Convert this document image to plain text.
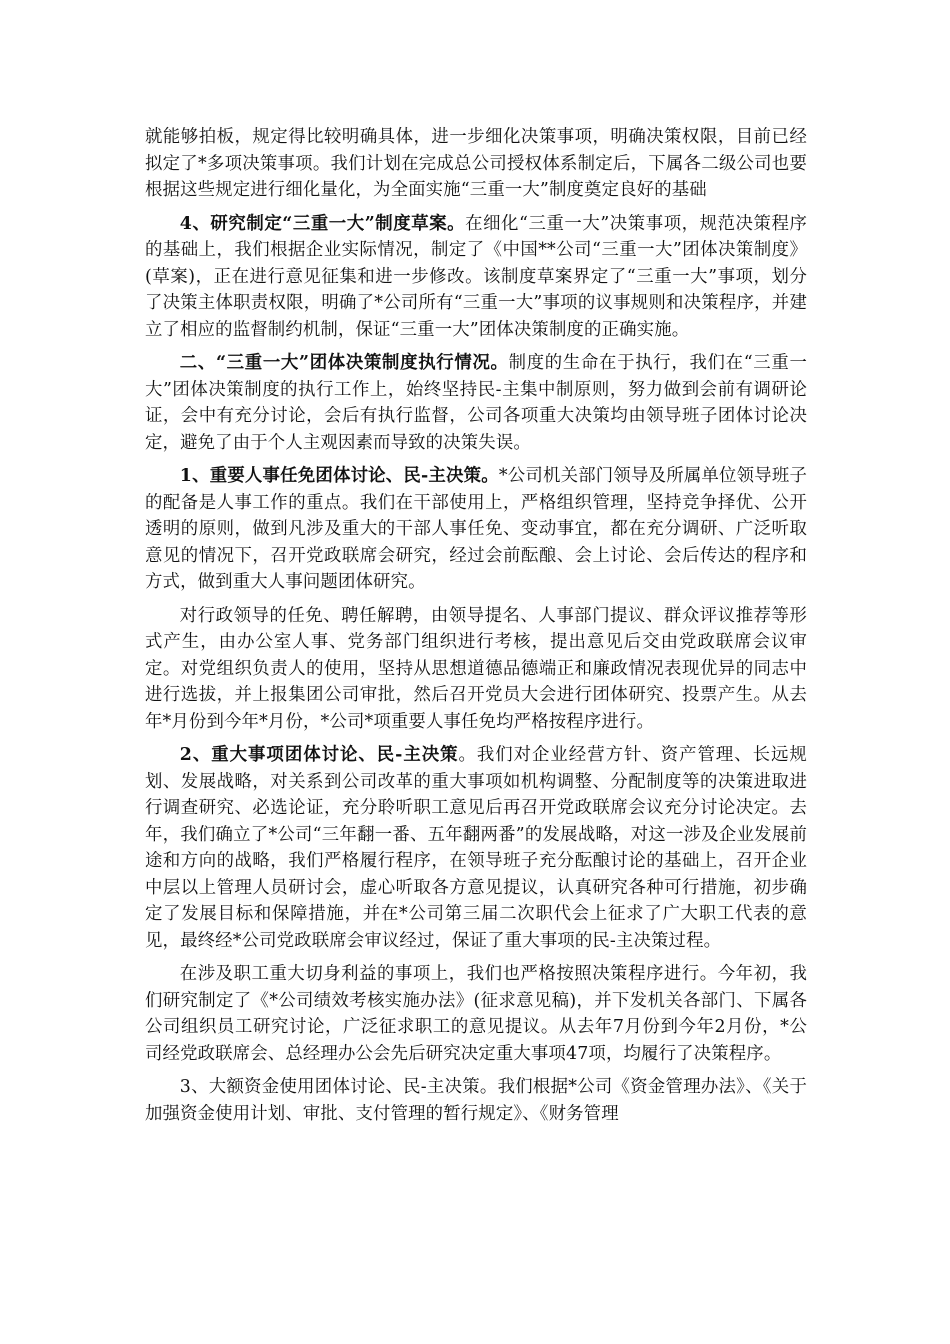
就能够拍板，规定得比较明确具体，进一步细化决策事项，明确决策权限，目前已经拟定了*多项决策事项。我们计划在完成总公司授权体系制定后，下属各二级公司也要根据这些规定进行细化量化，为全面实施“三重一大”制度奠定良好的基础

4、研究制定“三重一大”制度草案。在细化“三重一大”决策事项，规范决策程序的基础上，我们根据企业实际情况，制定了《中国**公司“三重一大”团体决策制度》(草案)，正在进行意见征集和进一步修改。该制度草案界定了“三重一大”事项，划分了决策主体职责权限，明确了*公司所有“三重一大”事项的议事规则和决策程序，并建立了相应的监督制约机制，保证“三重一大”团体决策制度的正确实施。

二、“三重一大”团体决策制度执行情况。制度的生命在于执行，我们在“三重一大”团体决策制度的执行工作上，始终坚持民-主集中制原则，努力做到会前有调研论证，会中有充分讨论，会后有执行监督，公司各项重大决策均由领导班子团体讨论决定，避免了由于个人主观因素而导致的决策失误。

1、重要人事任免团体讨论、民-主决策。*公司机关部门领导及所属单位领导班子的配备是人事工作的重点。我们在干部使用上，严格组织管理，坚持竞争择优、公开透明的原则，做到凡涉及重大的干部人事任免、变动事宜，都在充分调研、广泛听取意见的情况下，召开党政联席会研究，经过会前酝酿、会上讨论、会后传达的程序和方式，做到重大人事问题团体研究。

对行政领导的任免、聘任解聘，由领导提名、人事部门提议、群众评议推荐等形式产生，由办公室人事、党务部门组织进行考核，提出意见后交由党政联席会议审定。对党组织负责人的使用，坚持从思想道德品德端正和廉政情况表现优异的同志中进行选拔，并上报集团公司审批，然后召开党员大会进行团体研究、投票产生。从去年*月份到今年*月份，*公司*项重要人事任免均严格按程序进行。

2、重大事项团体讨论、民-主决策。我们对企业经营方针、资产管理、长远规划、发展战略，对关系到公司改革的重大事项如机构调整、分配制度等的决策进取进行调查研究、必选论证，充分聆听职工意见后再召开党政联席会议充分讨论决定。去年，我们确立了*公司“三年翻一番、五年翻两番”的发展战略，对这一涉及企业发展前途和方向的战略，我们严格履行程序，在领导班子充分酝酿讨论的基础上，召开企业中层以上管理人员研讨会，虚心听取各方意见提议，认真研究各种可行措施，初步确定了发展目标和保障措施，并在*公司第三届二次职代会上征求了广大职工代表的意见，最终经*公司党政联席会审议经过，保证了重大事项的民-主决策过程。

在涉及职工重大切身利益的事项上，我们也严格按照决策程序进行。今年初，我们研究制定了《*公司绩效考核实施办法》(征求意见稿)，并下发机关各部门、下属各公司组织员工研究讨论，广泛征求职工的意见提议。从去年7月份到今年2月份，*公司经党政联席会、总经理办公会先后研究决定重大事项47项，均履行了决策程序。

3、大额资金使用团体讨论、民-主决策。我们根据*公司《资金管理办法》、《关于加强资金使用计划、审批、支付管理的暂行规定》、《财务管理
